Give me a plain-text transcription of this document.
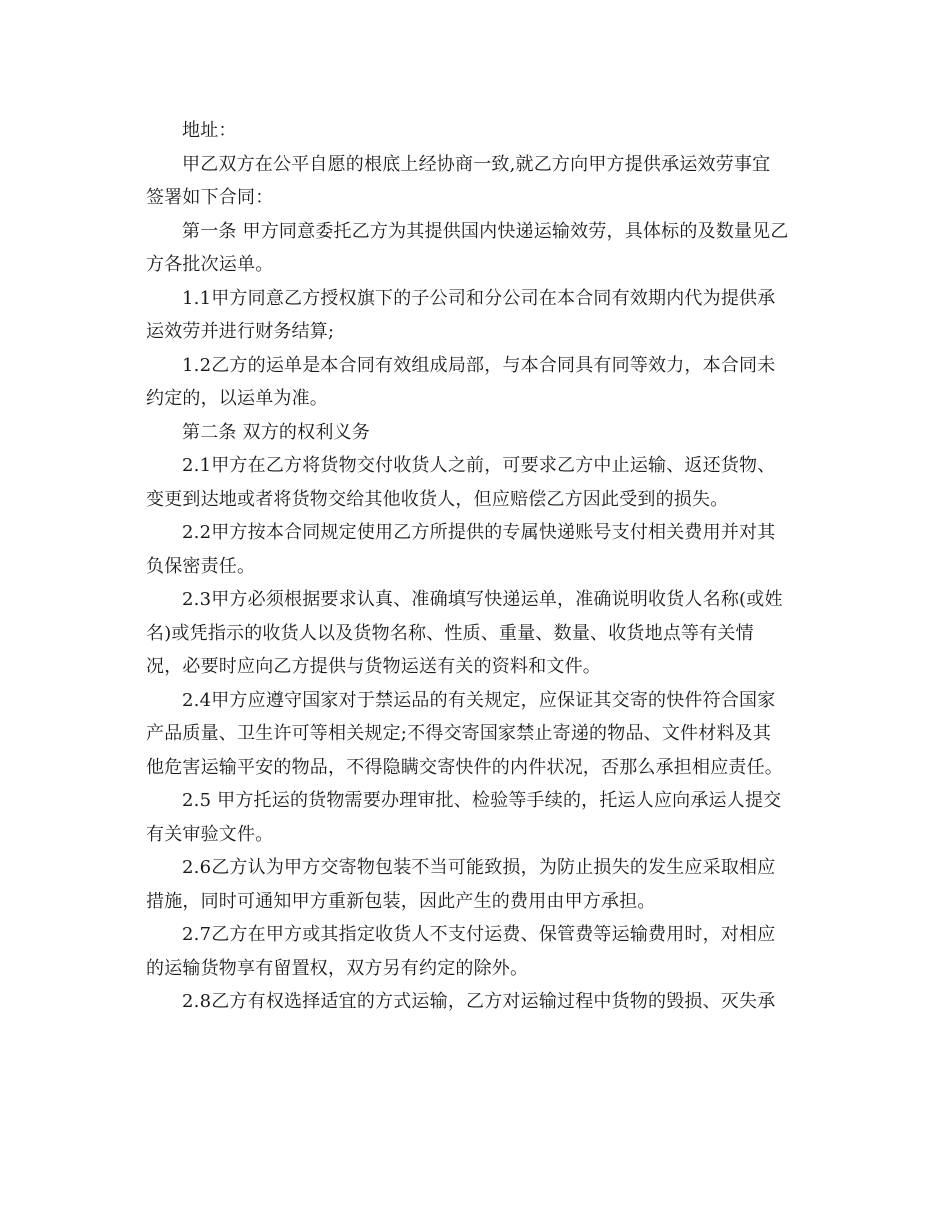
地址：

甲乙双方在公平自愿的根底上经协商一致,就乙方向甲方提供承运效劳事宜
签署如下合同：

第一条 甲方同意委托乙方为其提供国内快递运输效劳，具体标的及数量见乙
方各批次运单。

1.1甲方同意乙方授权旗下的子公司和分公司在本合同有效期内代为提供承
运效劳并进行财务结算;

1.2乙方的运单是本合同有效组成局部，与本合同具有同等效力，本合同未
约定的，以运单为准。

第二条 双方的权利义务

2.1甲方在乙方将货物交付收货人之前，可要求乙方中止运输、返还货物、
变更到达地或者将货物交给其他收货人，但应赔偿乙方因此受到的损失。

2.2甲方按本合同规定使用乙方所提供的专属快递账号支付相关费用并对其
负保密责任。

2.3甲方必须根据要求认真、准确填写快递运单，准确说明收货人名称(或姓
名)或凭指示的收货人以及货物名称、性质、重量、数量、收货地点等有关情
况，必要时应向乙方提供与货物运送有关的资料和文件。

2.4甲方应遵守国家对于禁运品的有关规定，应保证其交寄的快件符合国家
产品质量、卫生许可等相关规定;不得交寄国家禁止寄递的物品、文件材料及其
他危害运输平安的物品，不得隐瞒交寄快件的内件状况，否那么承担相应责任。

2.5 甲方托运的货物需要办理审批、检验等手续的，托运人应向承运人提交
有关审验文件。

2.6乙方认为甲方交寄物包装不当可能致损，为防止损失的发生应采取相应
措施，同时可通知甲方重新包装，因此产生的费用由甲方承担。

2.7乙方在甲方或其指定收货人不支付运费、保管费等运输费用时，对相应
的运输货物享有留置权，双方另有约定的除外。

2.8乙方有权选择适宜的方式运输，乙方对运输过程中货物的毁损、灭失承
